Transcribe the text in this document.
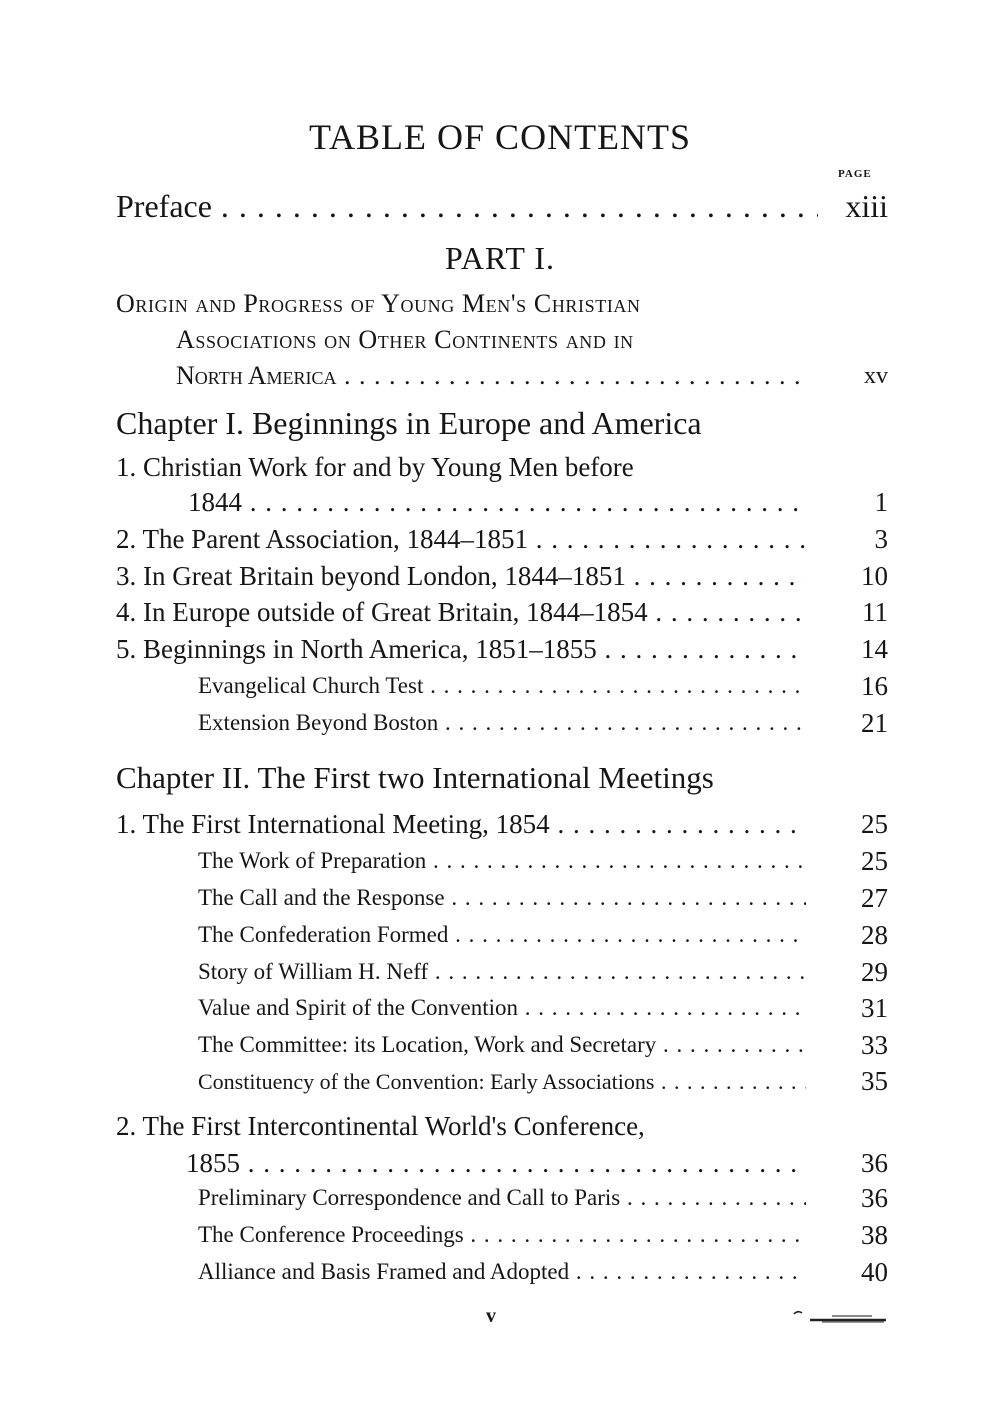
TABLE OF CONTENTS
PAGE
Preface . . .	xiii
PART I.
Origin and Progress of Young Men's Christian
Associations on Other Continents and in
North America . . .	xv
Chapter I. Beginnings in Europe and America
1. Christian Work for and by Young Men before
1844 . . .	1
2. The Parent Association, 1844–1851 . . .	3
3. In Great Britain beyond London, 1844–1851 . . .	10
4. In Europe outside of Great Britain, 1844–1854 . . .	11
5. Beginnings in North America, 1851–1855 . . .	14
Evangelical Church Test . . .	16
Extension Beyond Boston . . .	21
Chapter II. The First two International Meetings
1. The First International Meeting, 1854 . . .	25
The Work of Preparation . . .	25
The Call and the Response . . .	27
The Confederation Formed . . .	28
Story of William H. Neff . . .	29
Value and Spirit of the Convention . . .	31
The Committee: its Location, Work and Secretary . . .	33
Constituency of the Convention: Early Associations . . .	35
2. The First Intercontinental World's Conference,
1855 . . .	36
Preliminary Correspondence and Call to Paris . . .	36
The Conference Proceedings . . .	38
Alliance and Basis Framed and Adopted . . .	40
v
